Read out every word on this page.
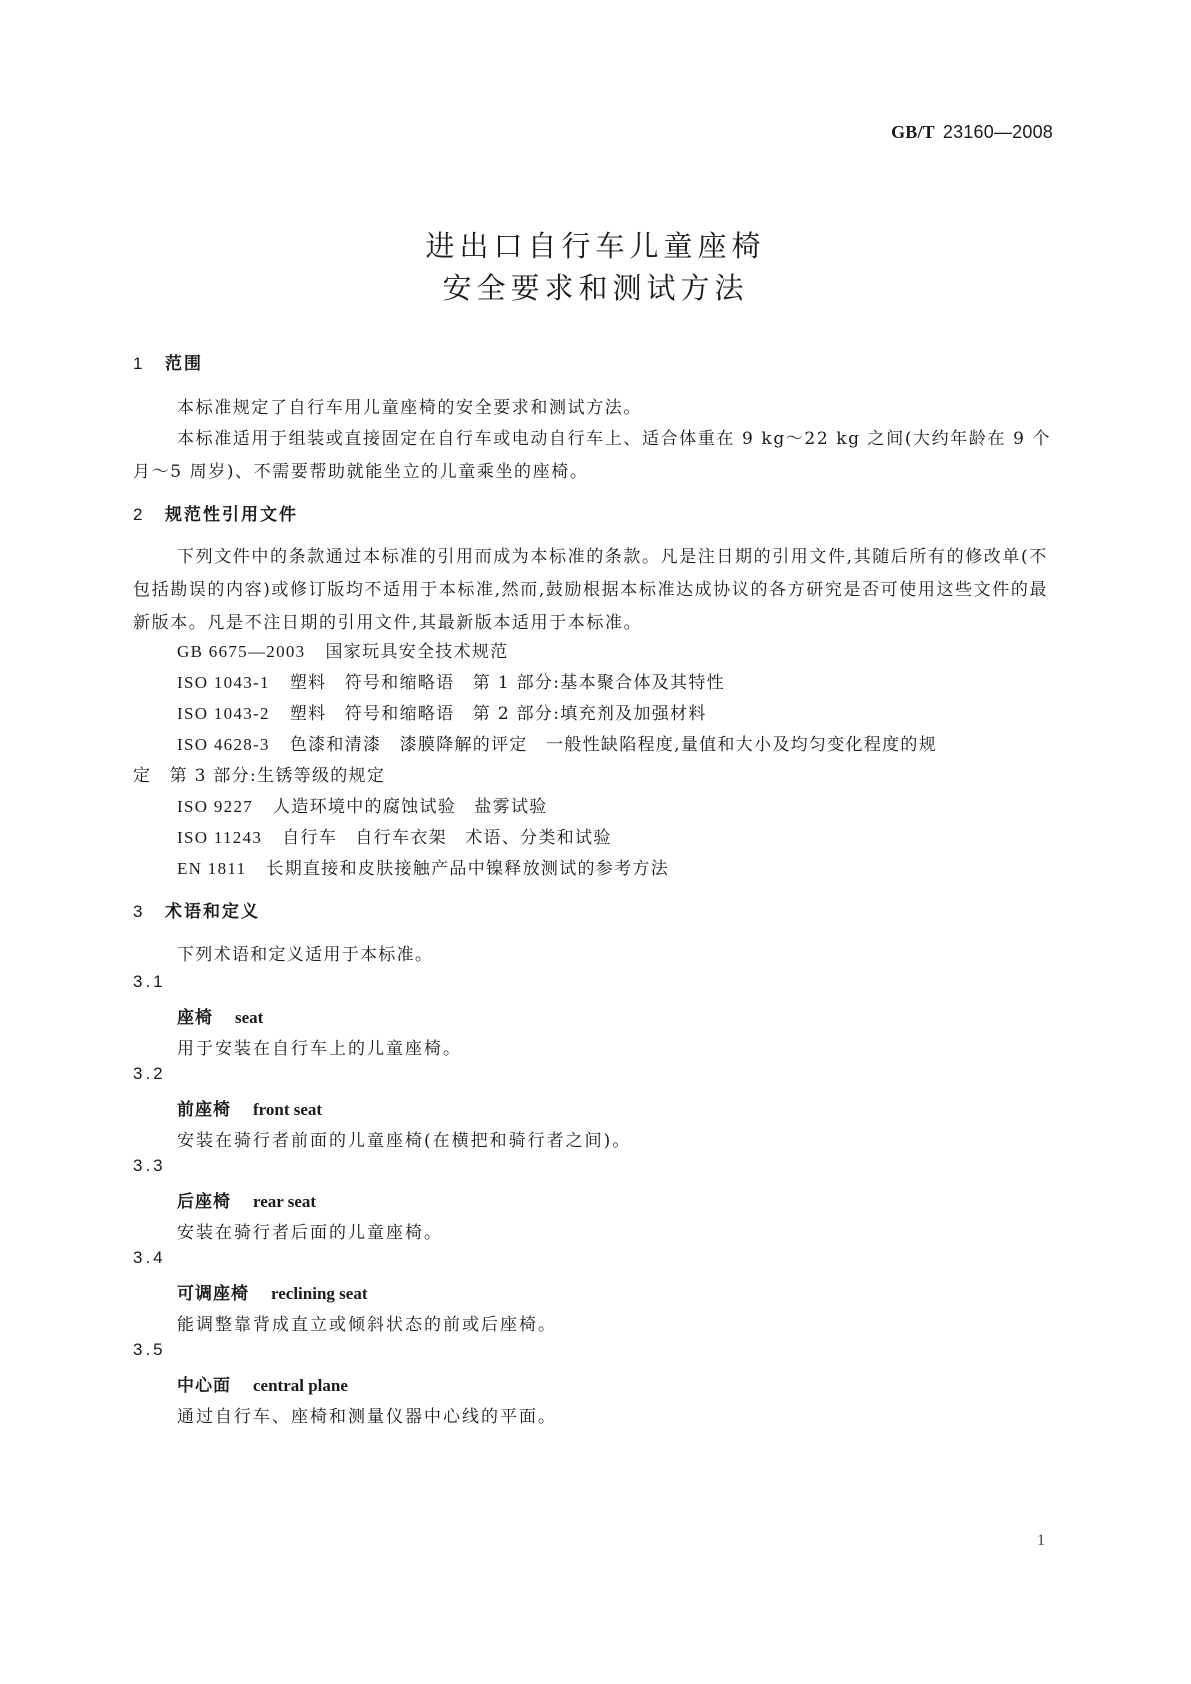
GB/T 23160—2008
进出口自行车儿童座椅
安全要求和测试方法
1 范围
本标准规定了自行车用儿童座椅的安全要求和测试方法。
本标准适用于组装或直接固定在自行车或电动自行车上、适合体重在 9 kg～22 kg 之间(大约年龄在 9 个月～5 周岁)、不需要帮助就能坐立的儿童乘坐的座椅。
2 规范性引用文件
下列文件中的条款通过本标准的引用而成为本标准的条款。凡是注日期的引用文件,其随后所有的修改单(不包括勘误的内容)或修订版均不适用于本标准,然而,鼓励根据本标准达成协议的各方研究是否可使用这些文件的最新版本。凡是不注日期的引用文件,其最新版本适用于本标准。
GB 6675—2003 国家玩具安全技术规范
ISO 1043-1 塑料　符号和缩略语　第 1 部分:基本聚合体及其特性
ISO 1043-2 塑料　符号和缩略语　第 2 部分:填充剂及加强材料
ISO 4628-3 色漆和清漆　漆膜降解的评定　一般性缺陷程度,量值和大小及均匀变化程度的规
定　第 3 部分:生锈等级的规定
ISO 9227 人造环境中的腐蚀试验　盐雾试验
ISO 11243 自行车　自行车衣架　术语、分类和试验
EN 1811 长期直接和皮肤接触产品中镍释放测试的参考方法
3 术语和定义
下列术语和定义适用于本标准。
3.1
座椅 seat
用于安装在自行车上的儿童座椅。
3.2
前座椅 front seat
安装在骑行者前面的儿童座椅(在横把和骑行者之间)。
3.3
后座椅 rear seat
安装在骑行者后面的儿童座椅。
3.4
可调座椅 reclining seat
能调整靠背成直立或倾斜状态的前或后座椅。
3.5
中心面 central plane
通过自行车、座椅和测量仪器中心线的平面。
1
